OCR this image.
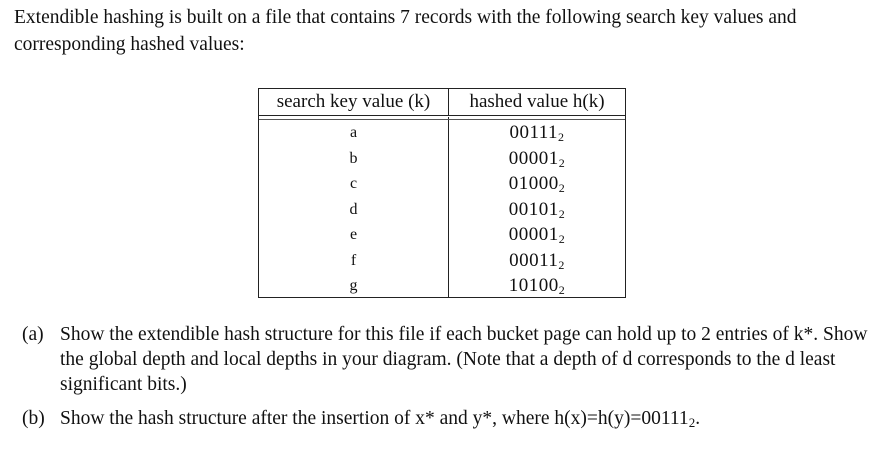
Extendible hashing is built on a file that contains 7 records with the following search key values and corresponding hashed values:

search key value (k)	hashed value h(k)
a
b
c
d
e
f
g
$00111_2$
$00001_2$
$01000_2$
$00101_2$
$00001_2$
$00011_2$
$10100_2$
(a) Show the extendible hash structure for this file if each bucket page can hold up to 2 entries of k*. Show the global depth and local depths in your diagram. (Note that a depth of d corresponds to the d least significant bits.)
(b) Show the hash structure after the insertion of x* and y*, where $h(x)=h(y)=00111_2$.
